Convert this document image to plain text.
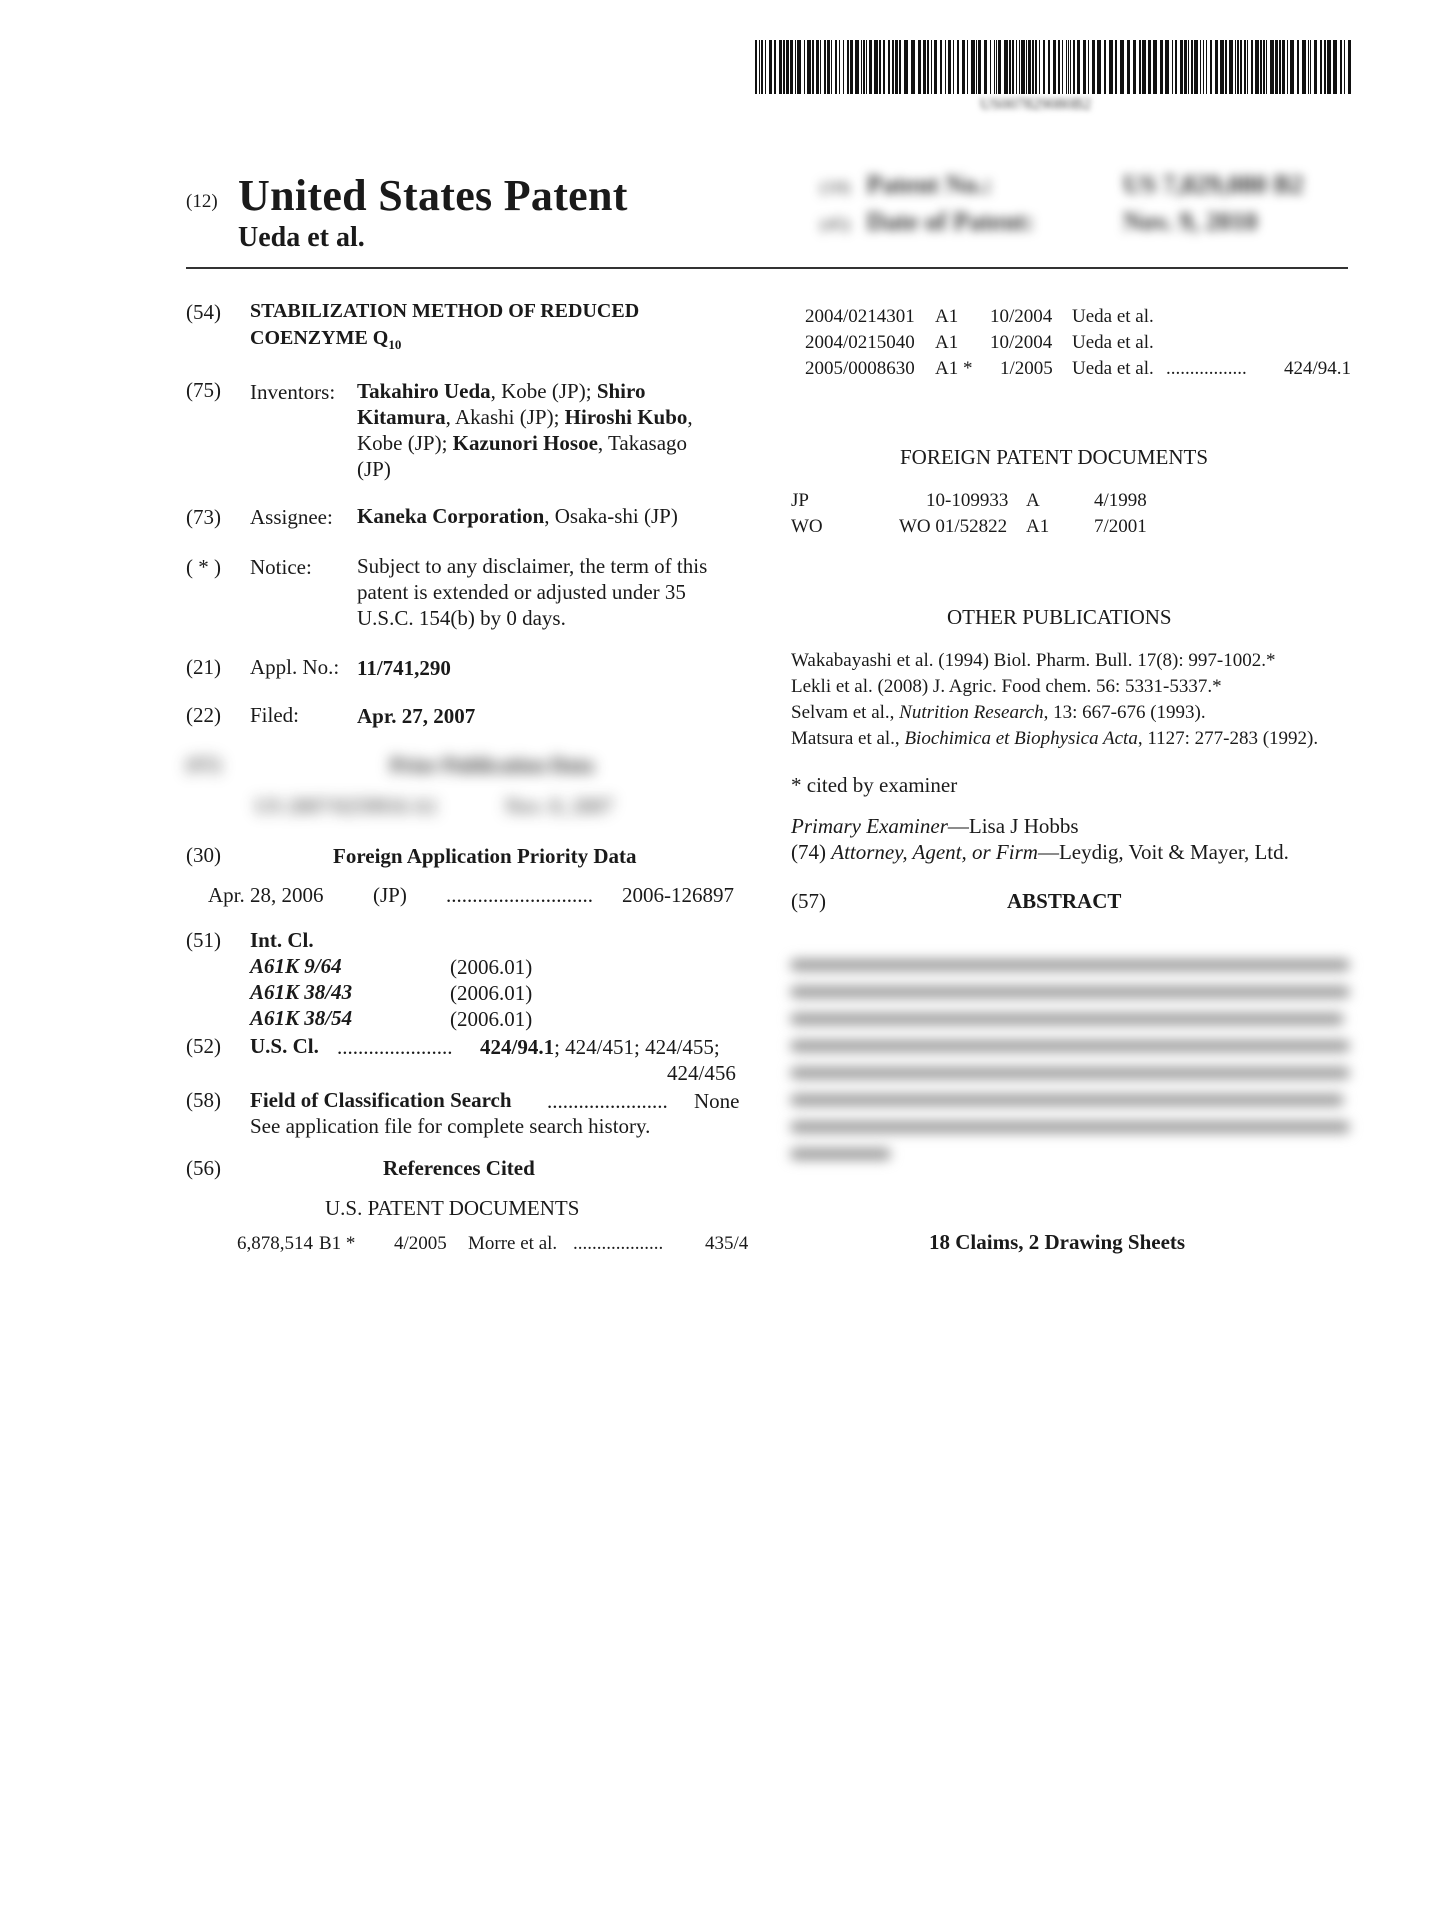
US007829080B2
(12) United States Patent
Ueda et al.
(10) Patent No.:	US 7,829,080 B2
(45) Date of Patent:	Nov. 9, 2010
(54) STABILIZATION METHOD OF REDUCED
COENZYME $Q_{10}$
(75) Inventors: Takahiro Ueda, Kobe (JP); Shiro
Kitamura, Akashi (JP); Hiroshi Kubo,
Kobe (JP); Kazunori Hosoe, Takasago
(JP)
(73) Assignee: Kaneka Corporation, Osaka-shi (JP)
( * ) Notice: Subject to any disclaimer, the term of this
patent is extended or adjusted under 35
U.S.C. 154(b) by 0 days.
(21) Appl. No.: 11/741,290
(22) Filed:	Apr. 27, 2007
(65)	Prior Publication Data
US 2007/0259916 A1	Nov. 8, 2007
(30)	Foreign Application Priority Data
Apr. 28, 2006 (JP) ............................ 2006-126897
(51) Int. Cl.
A61K 9/64	(2006.01)
A61K 38/43	(2006.01)
A61K 38/54	(2006.01)
(52) U.S. Cl. ...................... 424/94.1; 424/451; 424/455;
424/456
(58) Field of Classification Search ....................... None
See application file for complete search history.
(56)	References Cited
U.S. PATENT DOCUMENTS
6,878,514 B1 * 4/2005 Morre et al. ................... 435/4
2004/0214301 A1 10/2004 Ueda et al.
2004/0215040 A1 10/2004 Ueda et al.
2005/0008630 A1 * 1/2005 Ueda et al. ................. 424/94.1
FOREIGN PATENT DOCUMENTS
JP	10-109933 A	4/1998
WO	WO 01/52822 A1 7/2001
OTHER PUBLICATIONS
Wakabayashi et al. (1994) Biol. Pharm. Bull. 17(8): 997-1002.*
Lekli et al. (2008) J. Agric. Food chem. 56: 5331-5337.*
Selvam et al., Nutrition Research, 13: 667-676 (1993).
Matsura et al., Biochimica et Biophysica Acta, 1127: 277-283 (1992).
* cited by examiner
Primary Examiner—Lisa J Hobbs
(74) Attorney, Agent, or Firm—Leydig, Voit & Mayer, Ltd.
(57)	ABSTRACT
18 Claims, 2 Drawing Sheets
